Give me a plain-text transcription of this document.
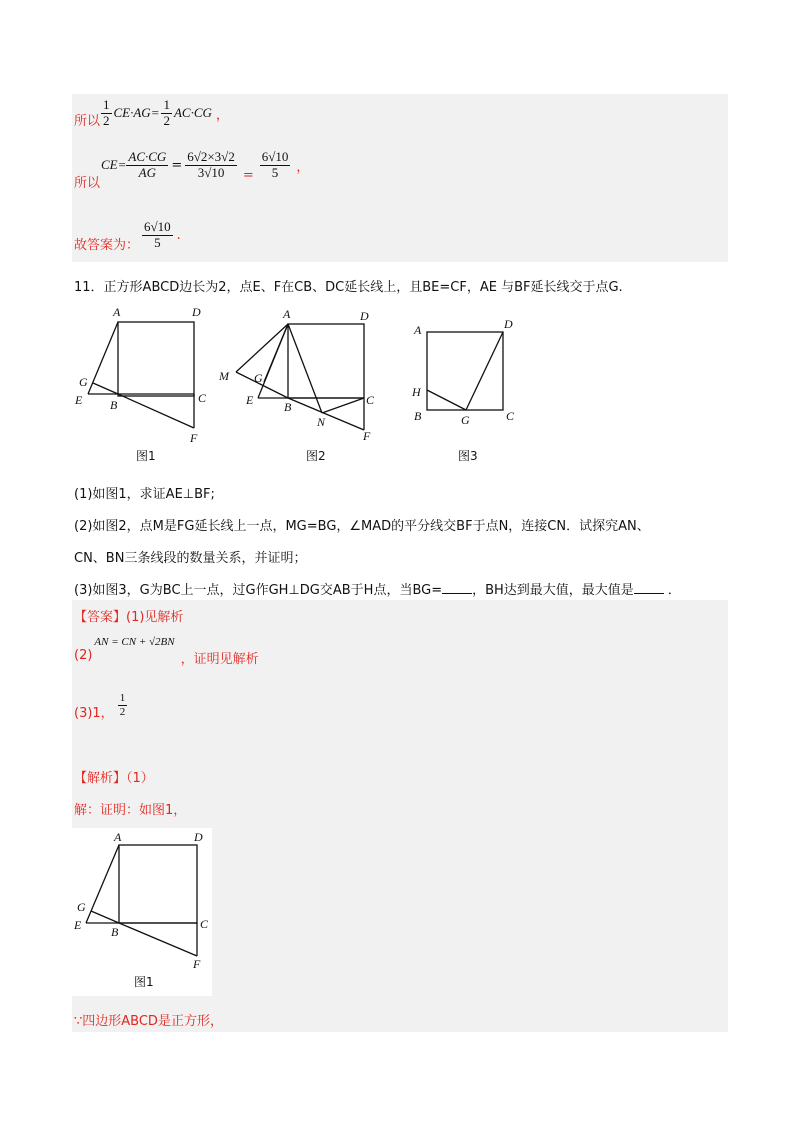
所以 $\frac{1}{2} CE\cdot AG= \frac{1}{2} AC\cdot CG$ ，
所以
$CE= \frac{AC\cdot CG}{AG} = \frac{6√2\times 3√2}{3√10} = \frac{6√10}{5}$ ，
故答案为： $\frac{6√10}{5}$ .
11．正方形ABCD边长为2，点E、F在CB、DC延长线上，且BE=CF，AE 与BF延长线交于点G.
A	D
G
E B	C
F
图1
A	D
M G
E	B
N
C
F
图2
A	D
H
B	G	C
图3
(1)如图1，求证AE⊥BF;
(2)如图2，点M是FG延长线上一点，MG=BG，∠MAD的平分线交BF于点N，连接CN．试探究AN、
CN、BN三条线段的数量关系，并证明；
(3)如图3，G为BC上一点，过G作GH⊥DG交AB于H点，当BG= ，BH达到最大值，最大值是	．
【答案】(1)见解析
(2)
AN = CN + √2BN
，证明见解析
(3)1， $\frac{1}{2}$
【解析】（1）
解：证明：如图1，
A	D
G
E B
C
F
图1
∵四边形ABCD是正方形，
